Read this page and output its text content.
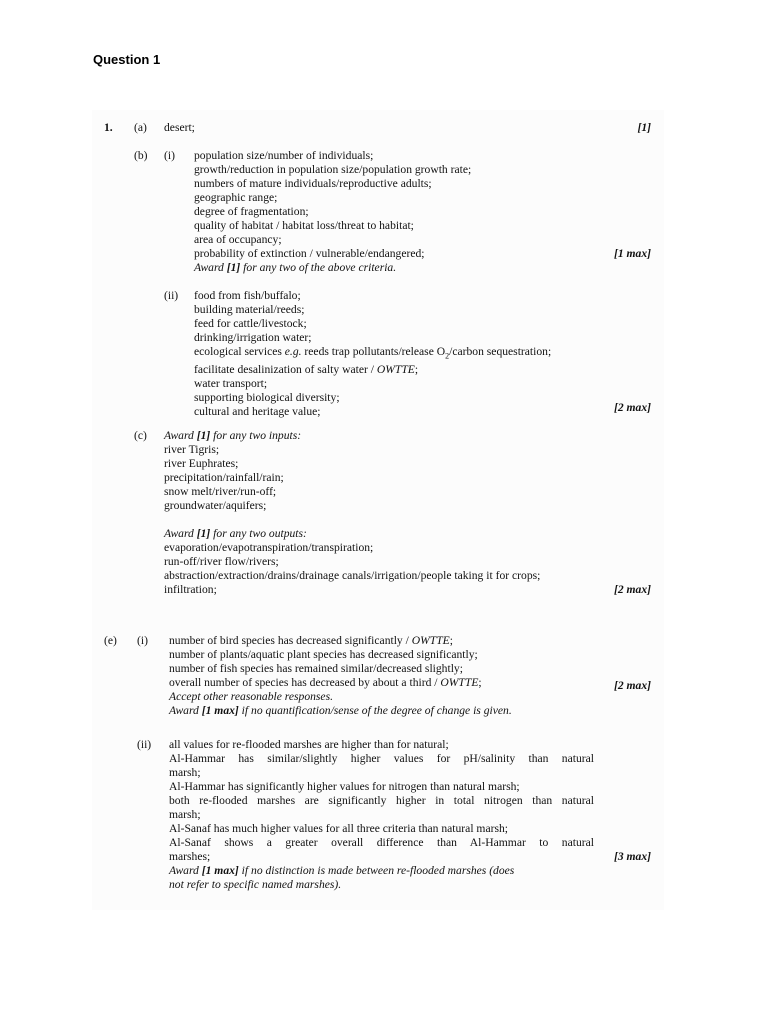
Question 1
1. (a) desert;	[1]
(b) (i) population size/number of individuals;
growth/reduction in population size/population growth rate;
numbers of mature individuals/reproductive adults;
geographic range;
degree of fragmentation;
quality of habitat / habitat loss/threat to habitat;
area of occupancy;
probability of extinction / vulnerable/endangered;
Award [1] for any two of the above criteria.
[1 max]
(ii) food from fish/buffalo;
building material/reeds;
feed for cattle/livestock;
drinking/irrigation water;
ecological services e.g. reeds trap pollutants/release $O_2$/carbon sequestration;
facilitate desalinization of salty water / OWTTE;
water transport;
supporting biological diversity;
cultural and heritage value;	[2 max]
(c) Award [1] for any two inputs:
river Tigris;
river Euphrates;
precipitation/rainfall/rain;
snow melt/river/run-off;
groundwater/aquifers;
Award [1] for any two outputs:
evaporation/evapotranspiration/transpiration;
run-off/river flow/rivers;
abstraction/extraction/drains/drainage canals/irrigation/people taking it for crops;
infiltration;	[2 max]
(e) (i) number of bird species has decreased significantly / OWTTE;
number of plants/aquatic plant species has decreased significantly;
number of fish species has remained similar/decreased slightly;
overall number of species has decreased by about a third / OWTTE;
Accept other reasonable responses.
Award [1 max] if no quantification/sense of the degree of change is given.
[2 max]
(ii) all values for re-flooded marshes are higher than for natural;
Al-Hammar has similar/slightly higher values for pH/salinity than natural
marsh;
Al-Hammar has significantly higher values for nitrogen than natural marsh;
both re-flooded marshes are significantly higher in total nitrogen than natural
marsh;
Al-Sanaf has much higher values for all three criteria than natural marsh;
Al-Sanaf shows a greater overall difference than Al-Hammar to natural
marshes;
Award [1 max] if no distinction is made between re-flooded marshes (does
not refer to specific named marshes).
[3 max]
